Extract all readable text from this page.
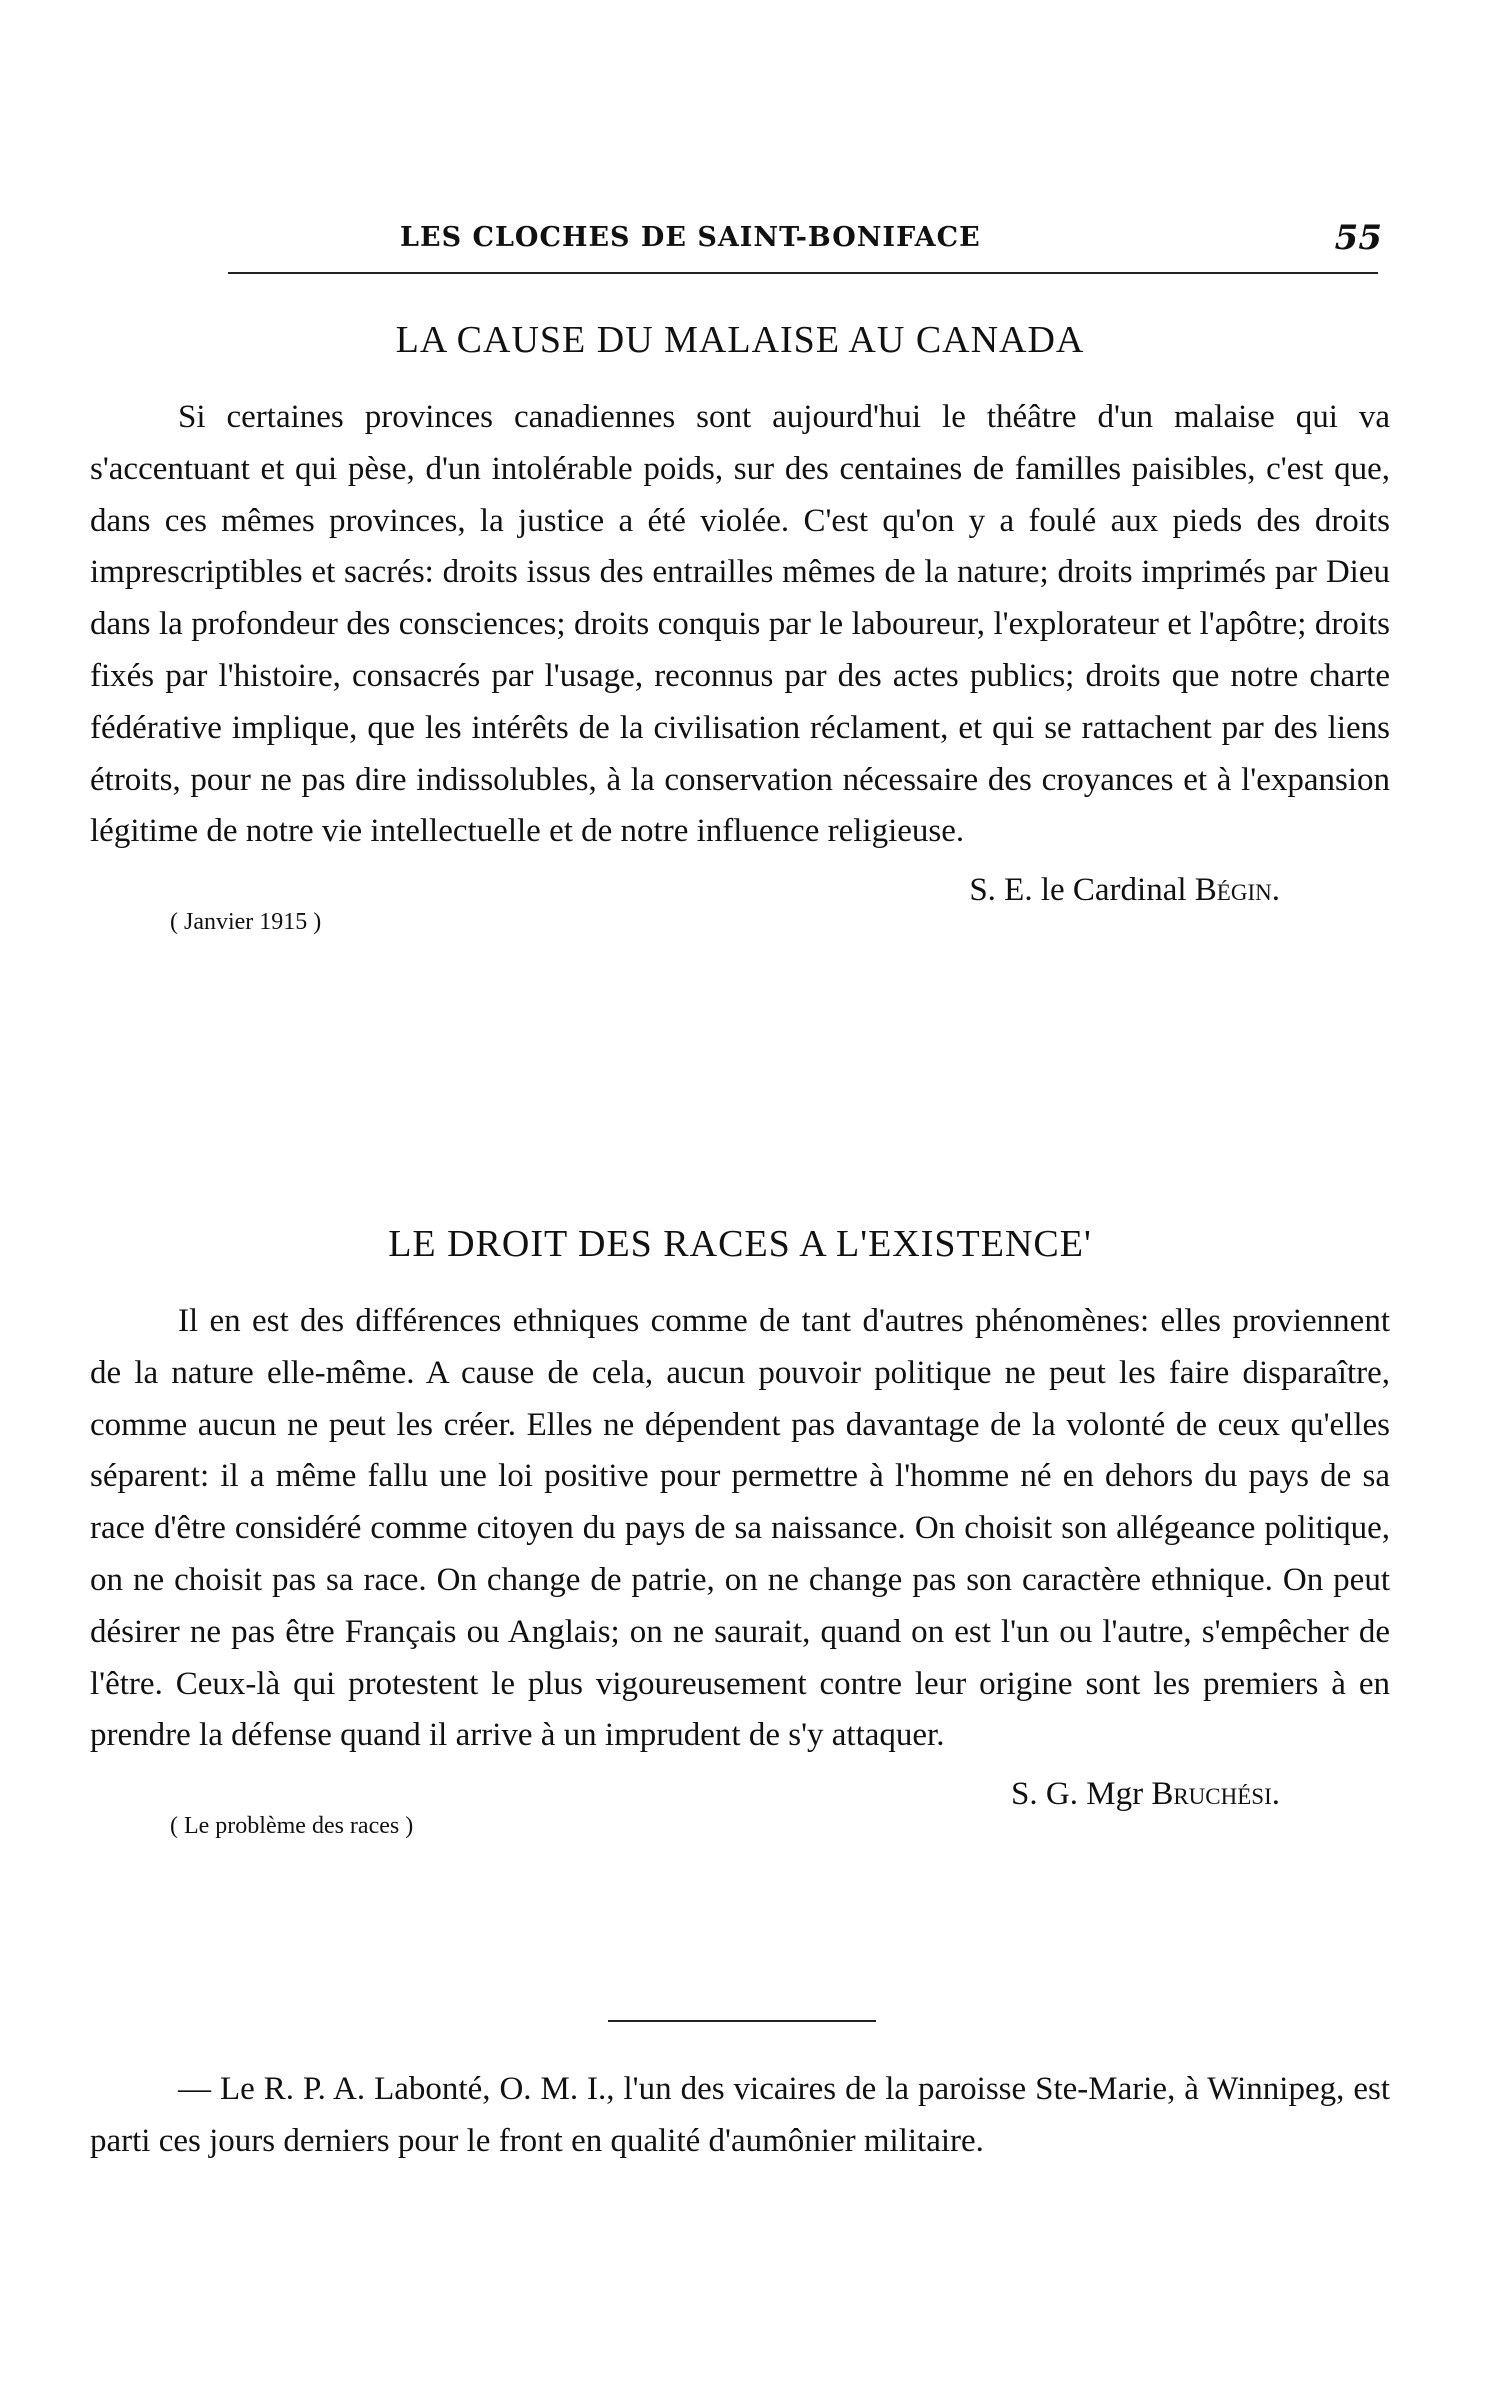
LES CLOCHES DE SAINT-BONIFACE	55
LA CAUSE DU MALAISE AU CANADA

Si certaines provinces canadiennes sont aujourd'hui le théâtre d'un malaise qui va s'accentuant et qui pèse, d'un intolérable poids, sur des centaines de familles paisibles, c'est que, dans ces mêmes provinces, la justice a été violée. C'est qu'on y a foulé aux pieds des droits imprescriptibles et sacrés: droits issus des entrailles mêmes de la nature; droits imprimés par Dieu dans la profondeur des consciences; droits conquis par le laboureur, l'explorateur et l'apôtre; droits fixés par l'histoire, consacrés par l'usage, reconnus par des actes publics; droits que notre charte fédérative implique, que les intérêts de la civilisation réclament, et qui se rattachent par des liens étroits, pour ne pas dire indissolubles, à la conservation nécessaire des croyances et à l'expansion légitime de notre vie intellectuelle et de notre influence religieuse.

S. E. le Cardinal Bégin.
( Janvier 1915 )
LE DROIT DES RACES A L'EXISTENCE'

Il en est des différences ethniques comme de tant d'autres phénomènes: elles proviennent de la nature elle-même. A cause de cela, aucun pouvoir politique ne peut les faire disparaître, comme aucun ne peut les créer. Elles ne dépendent pas davantage de la volonté de ceux qu'elles séparent: il a même fallu une loi positive pour permettre à l'homme né en dehors du pays de sa race d'être considéré comme citoyen du pays de sa naissance. On choisit son allégeance politique, on ne choisit pas sa race. On change de patrie, on ne change pas son caractère ethnique. On peut désirer ne pas être Français ou Anglais; on ne saurait, quand on est l'un ou l'autre, s'empêcher de l'être. Ceux-là qui protestent le plus vigoureusement contre leur origine sont les premiers à en prendre la défense quand il arrive à un imprudent de s'y attaquer.

S. G. Mgr Bruchési.
( Le problème des races )

— Le R. P. A. Labonté, O. M. I., l'un des vicaires de la paroisse Ste-Marie, à Winnipeg, est parti ces jours derniers pour le front en qualité d'aumônier militaire.
